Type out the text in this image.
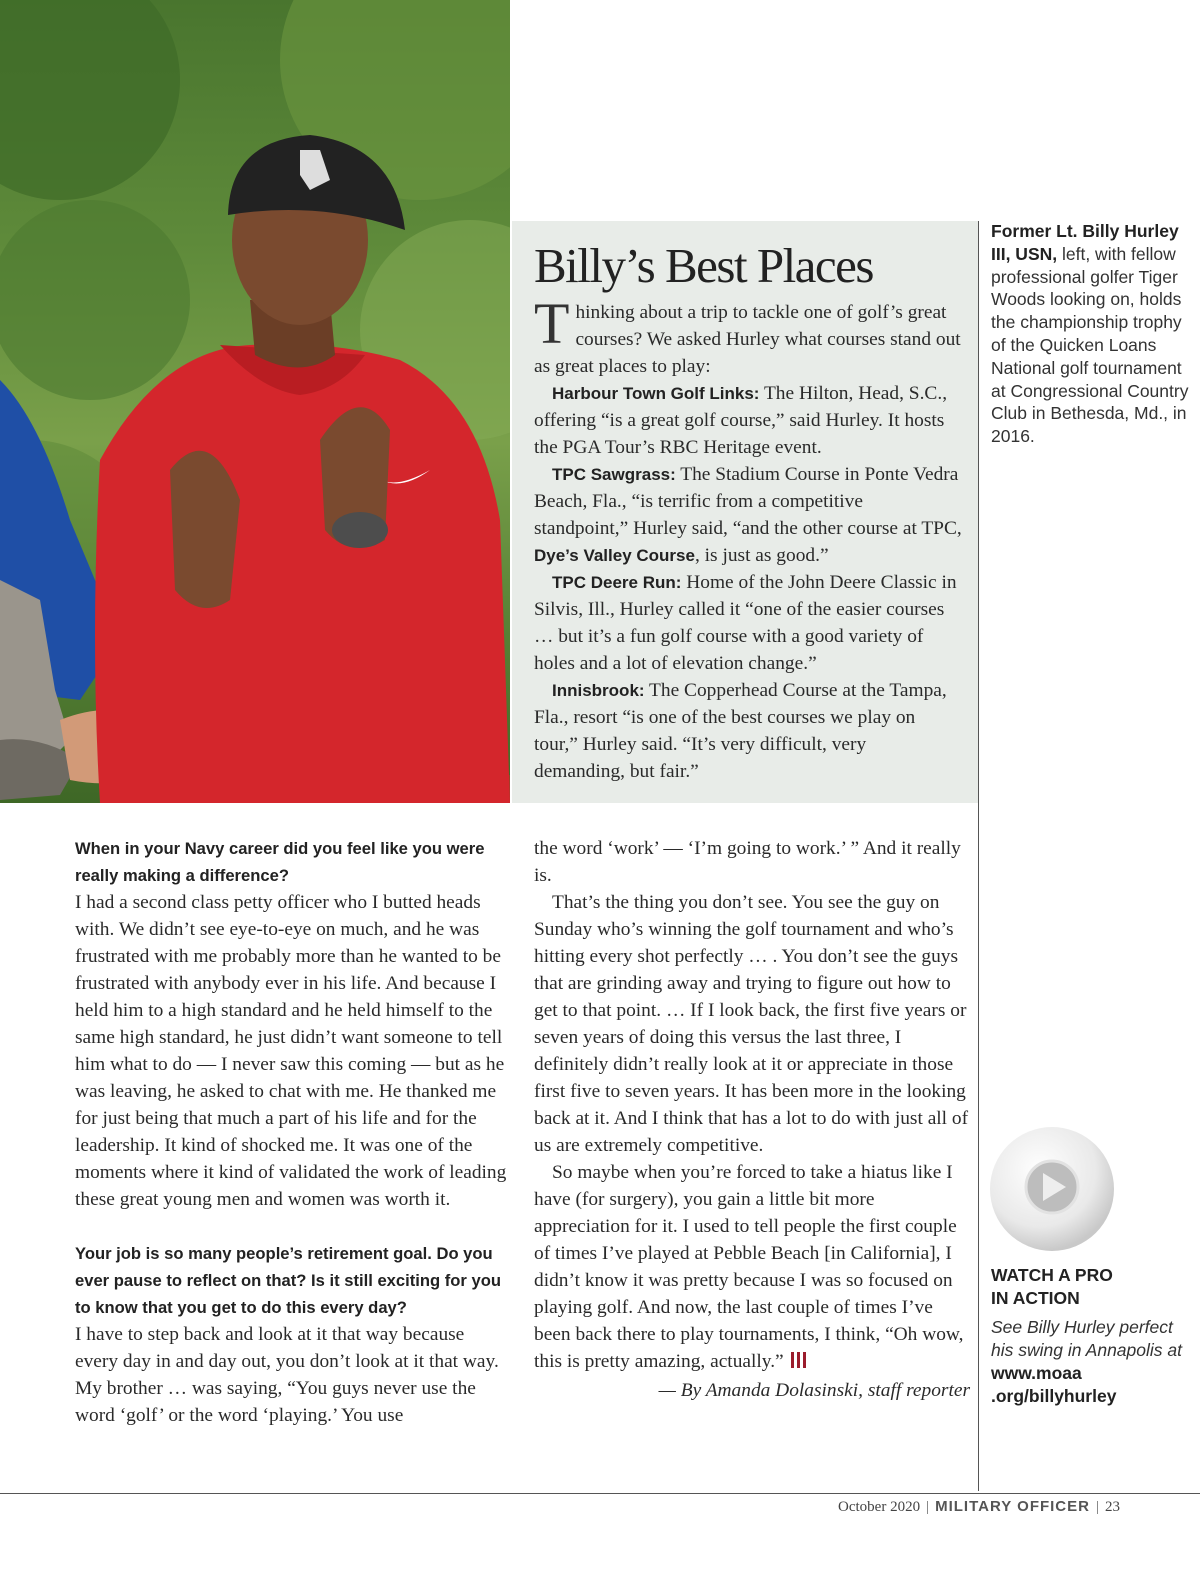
Billy’s Best Places

Thinking about a trip to tackle one of golf’s great courses? We asked Hurley what courses stand out as great places to play:

Harbour Town Golf Links: The Hilton, Head, S.C., offering “is a great golf course,” said Hurley. It hosts the PGA Tour’s RBC Heritage event.

TPC Sawgrass: The Stadium Course in Ponte Vedra Beach, Fla., “is terrific from a competitive standpoint,” Hurley said, “and the other course at TPC, Dye’s Valley Course, is just as good.”

TPC Deere Run: Home of the John Deere Classic in Silvis, Ill., Hurley called it “one of the easier courses … but it’s a fun golf course with a good variety of holes and a lot of elevation change.”

Innisbrook: The Copperhead Course at the Tampa, Fla., resort “is one of the best courses we play on tour,” Hurley said. “It’s very difficult, very demanding, but fair.”

Former Lt. Billy Hurley III, USN, left, with fellow professional golfer Tiger Woods looking on, holds the championship trophy of the Quicken Loans National golf tournament at Congressional Country Club in Bethesda, Md., in 2016.
WATCH A PRO
IN ACTION
See Billy Hurley perfect his swing in Annapolis at
www.moaa
.org/billyhurley

When in your Navy career did you feel like you were really making a difference?

I had a second class petty officer who I butted heads with. We didn’t see eye-to-eye on much, and he was frustrated with me probably more than he wanted to be frustrated with anybody ever in his life. And because I held him to a high standard and he held himself to the same high standard, he just didn’t want someone to tell him what to do — I never saw this coming — but as he was leaving, he asked to chat with me. He thanked me for just being that much a part of his life and for the leadership. It kind of shocked me. It was one of the moments where it kind of validated the work of leading these great young men and women was worth it.

Your job is so many people’s retirement goal. Do you ever pause to reflect on that? Is it still exciting for you to know that you get to do this every day?

I have to step back and look at it that way because every day in and day out, you don’t look at it that way. My brother … was saying, “You guys never use the word ‘golf’ or the word ‘playing.’ You use

the word ‘work’ — ‘I’m going to work.’ ” And it really is.

That’s the thing you don’t see. You see the guy on Sunday who’s winning the golf tournament and who’s hitting every shot perfectly … . You don’t see the guys that are grinding away and trying to figure out how to get to that point. … If I look back, the first five years or seven years of doing this versus the last three, I definitely didn’t really look at it or appreciate in those first five to seven years. It has been more in the looking back at it. And I think that has a lot to do with just all of us are extremely competitive.

So maybe when you’re forced to take a hiatus like I have (for surgery), you gain a little bit more appreciation for it. I used to tell people the first couple of times I’ve played at Pebble Beach [in California], I didn’t know it was pretty because I was so focused on playing golf. And now, the last couple of times I’ve been back there to play tournaments, I think, “Oh wow, this is pretty amazing, actually.”

— By Amanda Dolasinski, staff reporter

October 2020 | MILITARY OFFICER | 23
